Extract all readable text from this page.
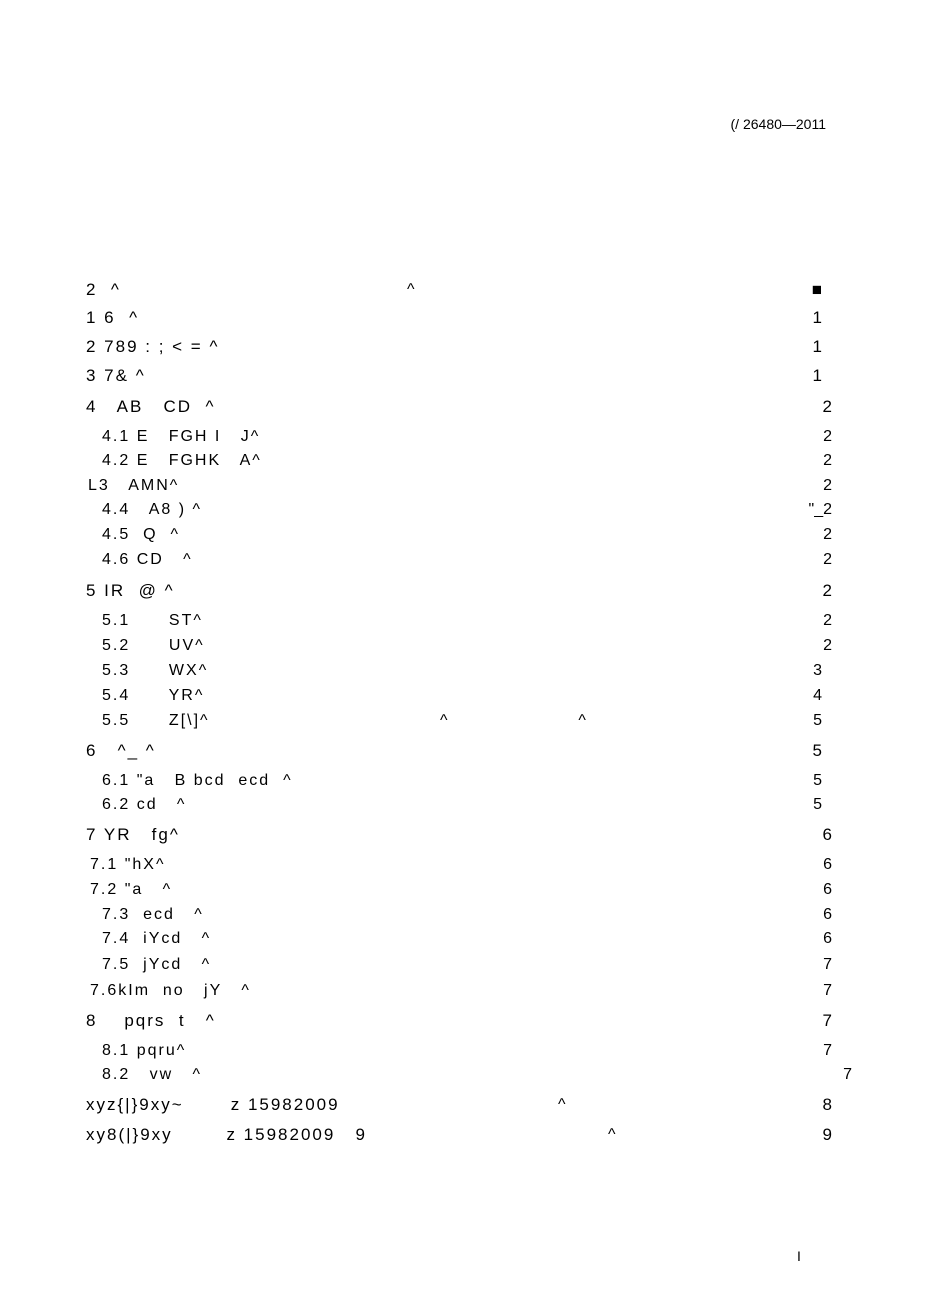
(/ 26480—2011
2  ^	^	■
1 6  ^	1
2 789 : ; < = ^	1
3 7& ^	1
4   AB   CD  ^	2
4.1 E   FGH I   J^	2
4.2 E   FGHK   A^	2
L3   AMN^	2
4.4   A8 ) ^	"_2
4.5  Q  ^	2
4.6 CD   ^	2
5 IR  @ ^	2
5.1      ST^	2
5.2      UV^	2
5.3      WX^	3
5.4      YR^	4
5.5      Z[\]^	^                    ^	5
6   ^_ ^	5
6.1 "a   B bcd  ecd  ^	5
6.2 cd   ^	5
7 YR   fg^	6
7.1 "hX^	6
7.2 "a   ^	6
7.3  ecd   ^	6
7.4  iYcd   ^	6
7.5  jYcd   ^	7
7.6kIm  no   jY   ^	7
8    pqrs  t   ^	7
8.1 pqru^	7
8.2   vw   ^	7
xyz{|}9xy~       z 15982009	^	8
xy8(|}9xy        z 15982009   9	^	9
I
